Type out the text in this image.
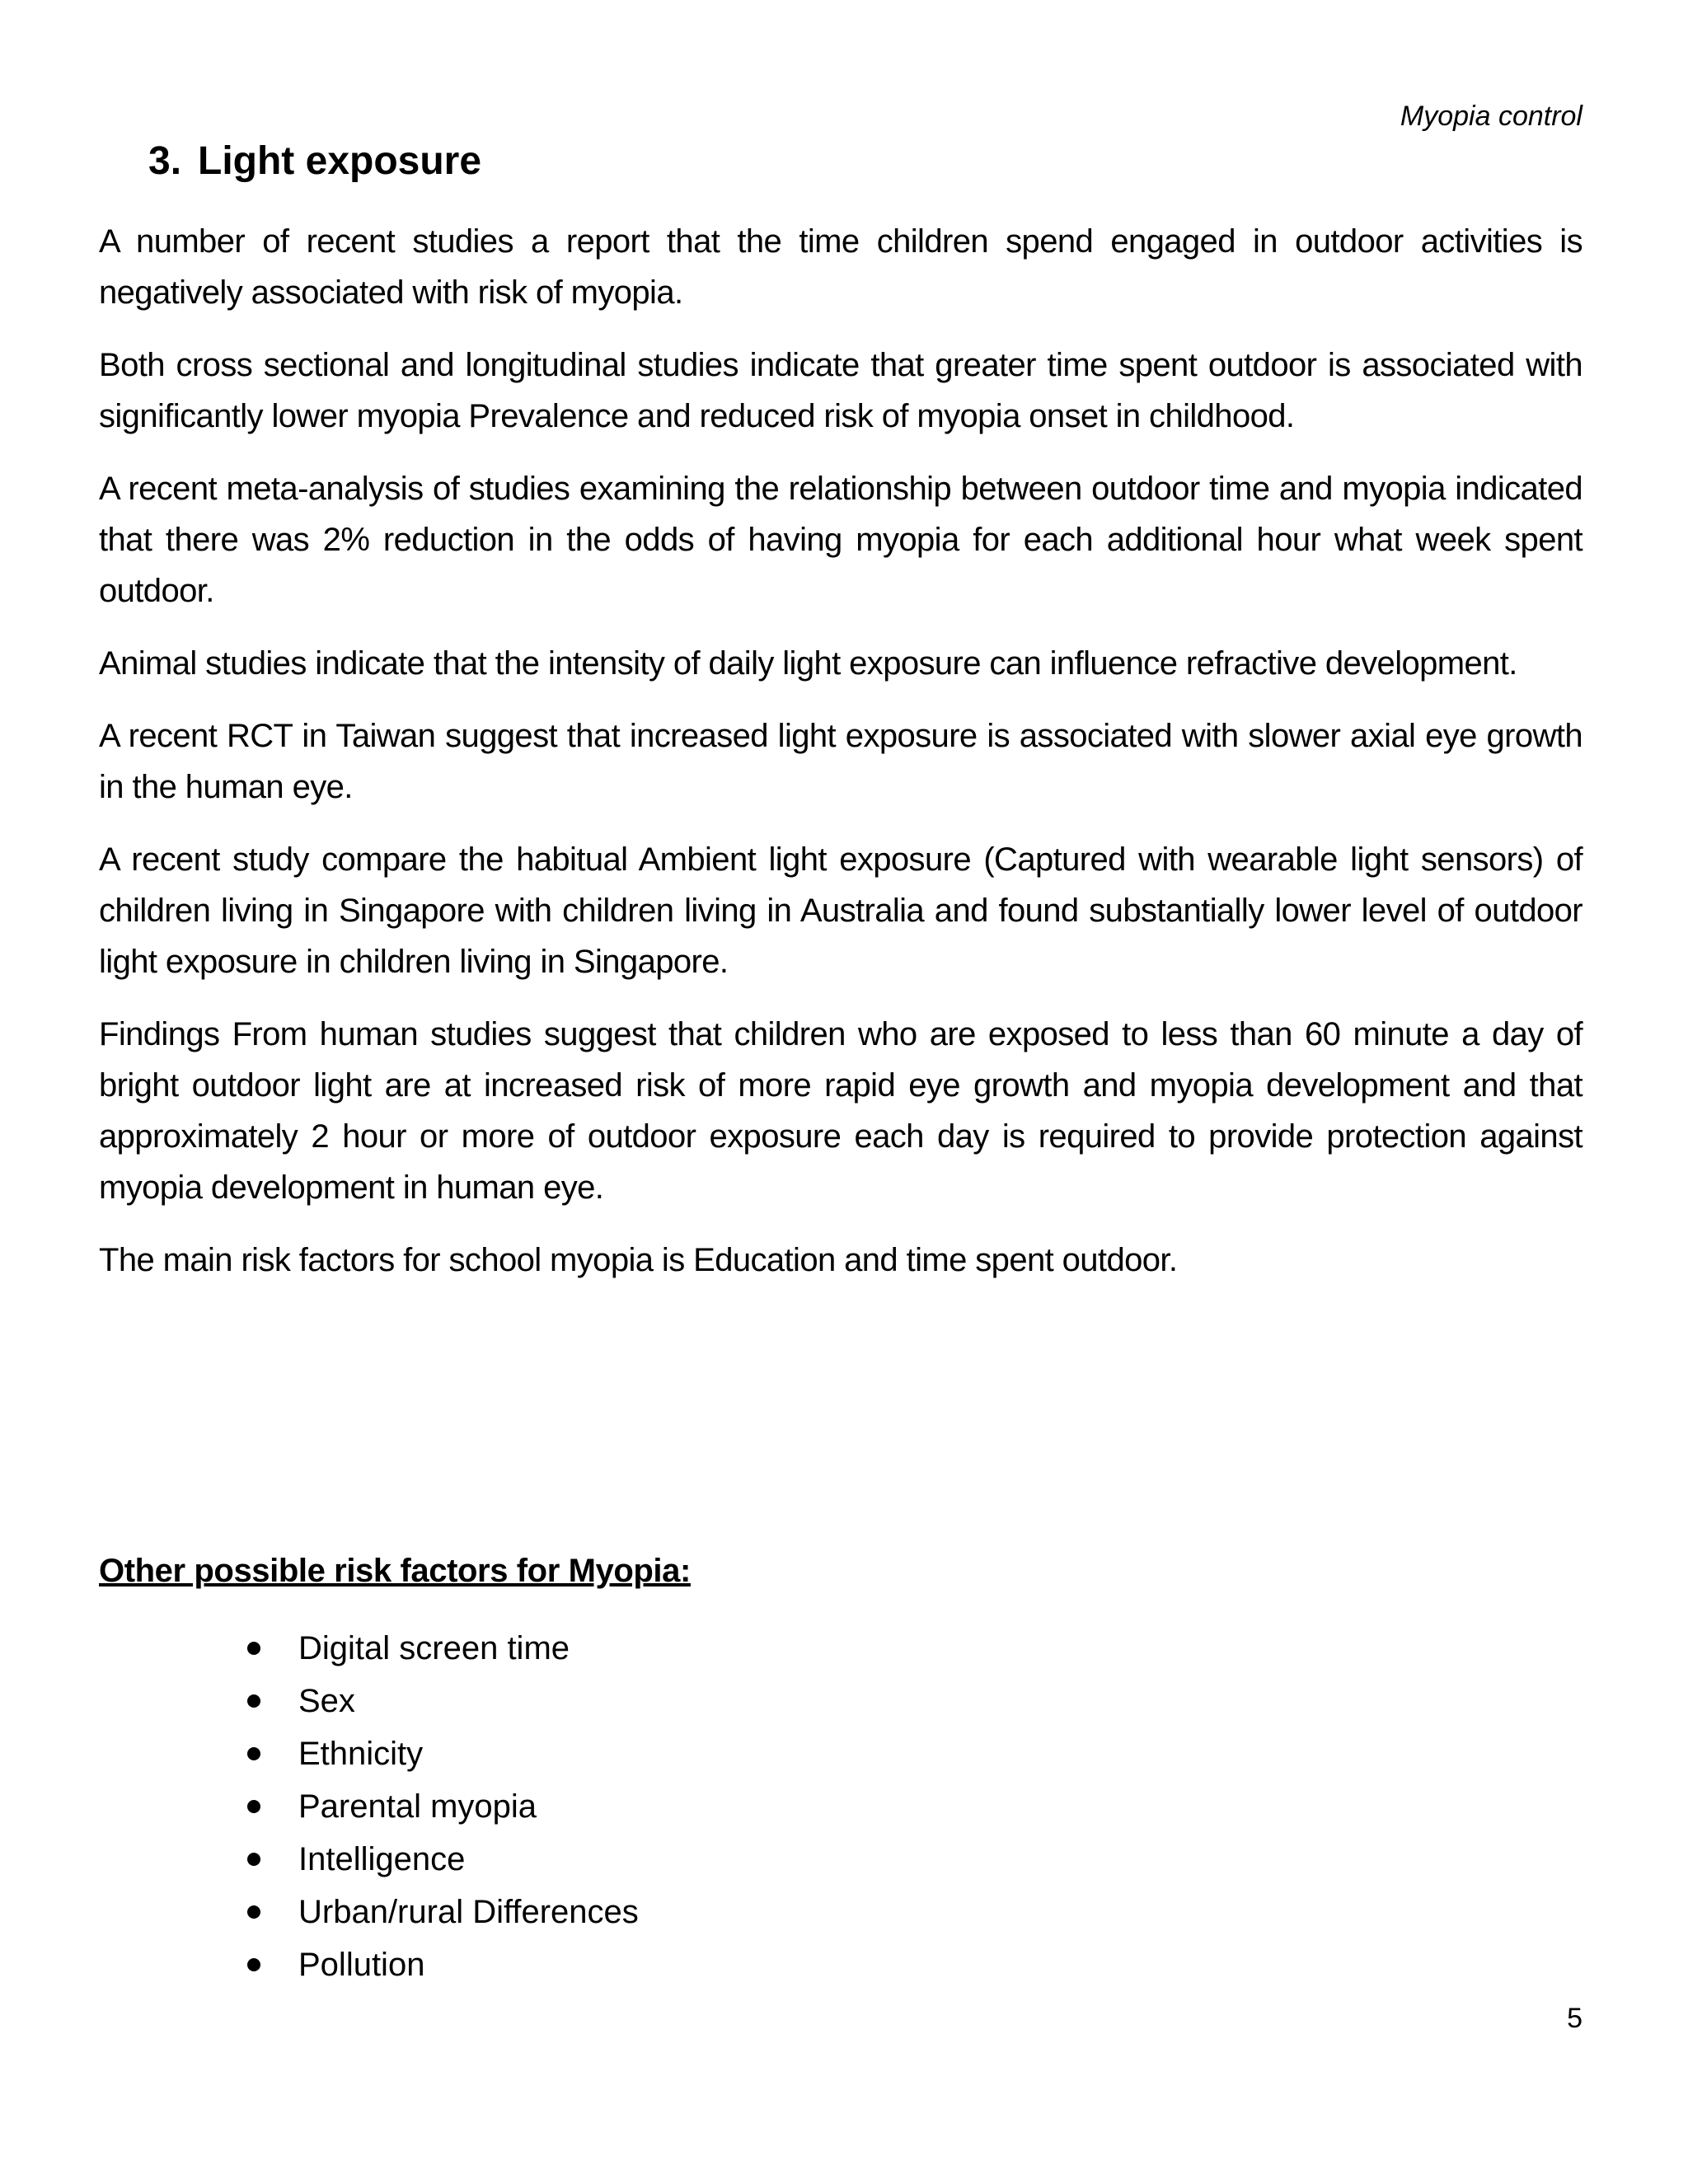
Myopia control

3. Light exposure

A number of recent studies a report that the time children spend engaged in outdoor activities is negatively associated with risk of myopia.

Both cross sectional and longitudinal studies indicate that greater time spent outdoor is associated with significantly lower myopia Prevalence and reduced risk of myopia onset in childhood.

A recent meta-analysis of studies examining the relationship between outdoor time and myopia indicated that there was 2% reduction in the odds of having myopia for each additional hour what week spent outdoor.

Animal studies indicate that the intensity of daily light exposure can influence refractive development.

A recent RCT in Taiwan suggest that increased light exposure is associated with slower axial eye growth in the human eye.

A recent study compare the habitual Ambient light exposure (Captured with wearable light sensors) of children living in Singapore with children living in Australia and found substantially lower level of outdoor light exposure in children living in Singapore.

Findings From human studies suggest that children who are exposed to less than 60 minute a day of bright outdoor light are at increased risk of more rapid eye growth and myopia development and that approximately 2 hour or more of outdoor exposure each day is required to provide protection against myopia development in human eye.

The main risk factors for school myopia is Education and time spent outdoor.

Other possible risk factors for Myopia:
Digital screen time
Sex
Ethnicity
Parental myopia
Intelligence
Urban/rural Differences
Pollution

5
